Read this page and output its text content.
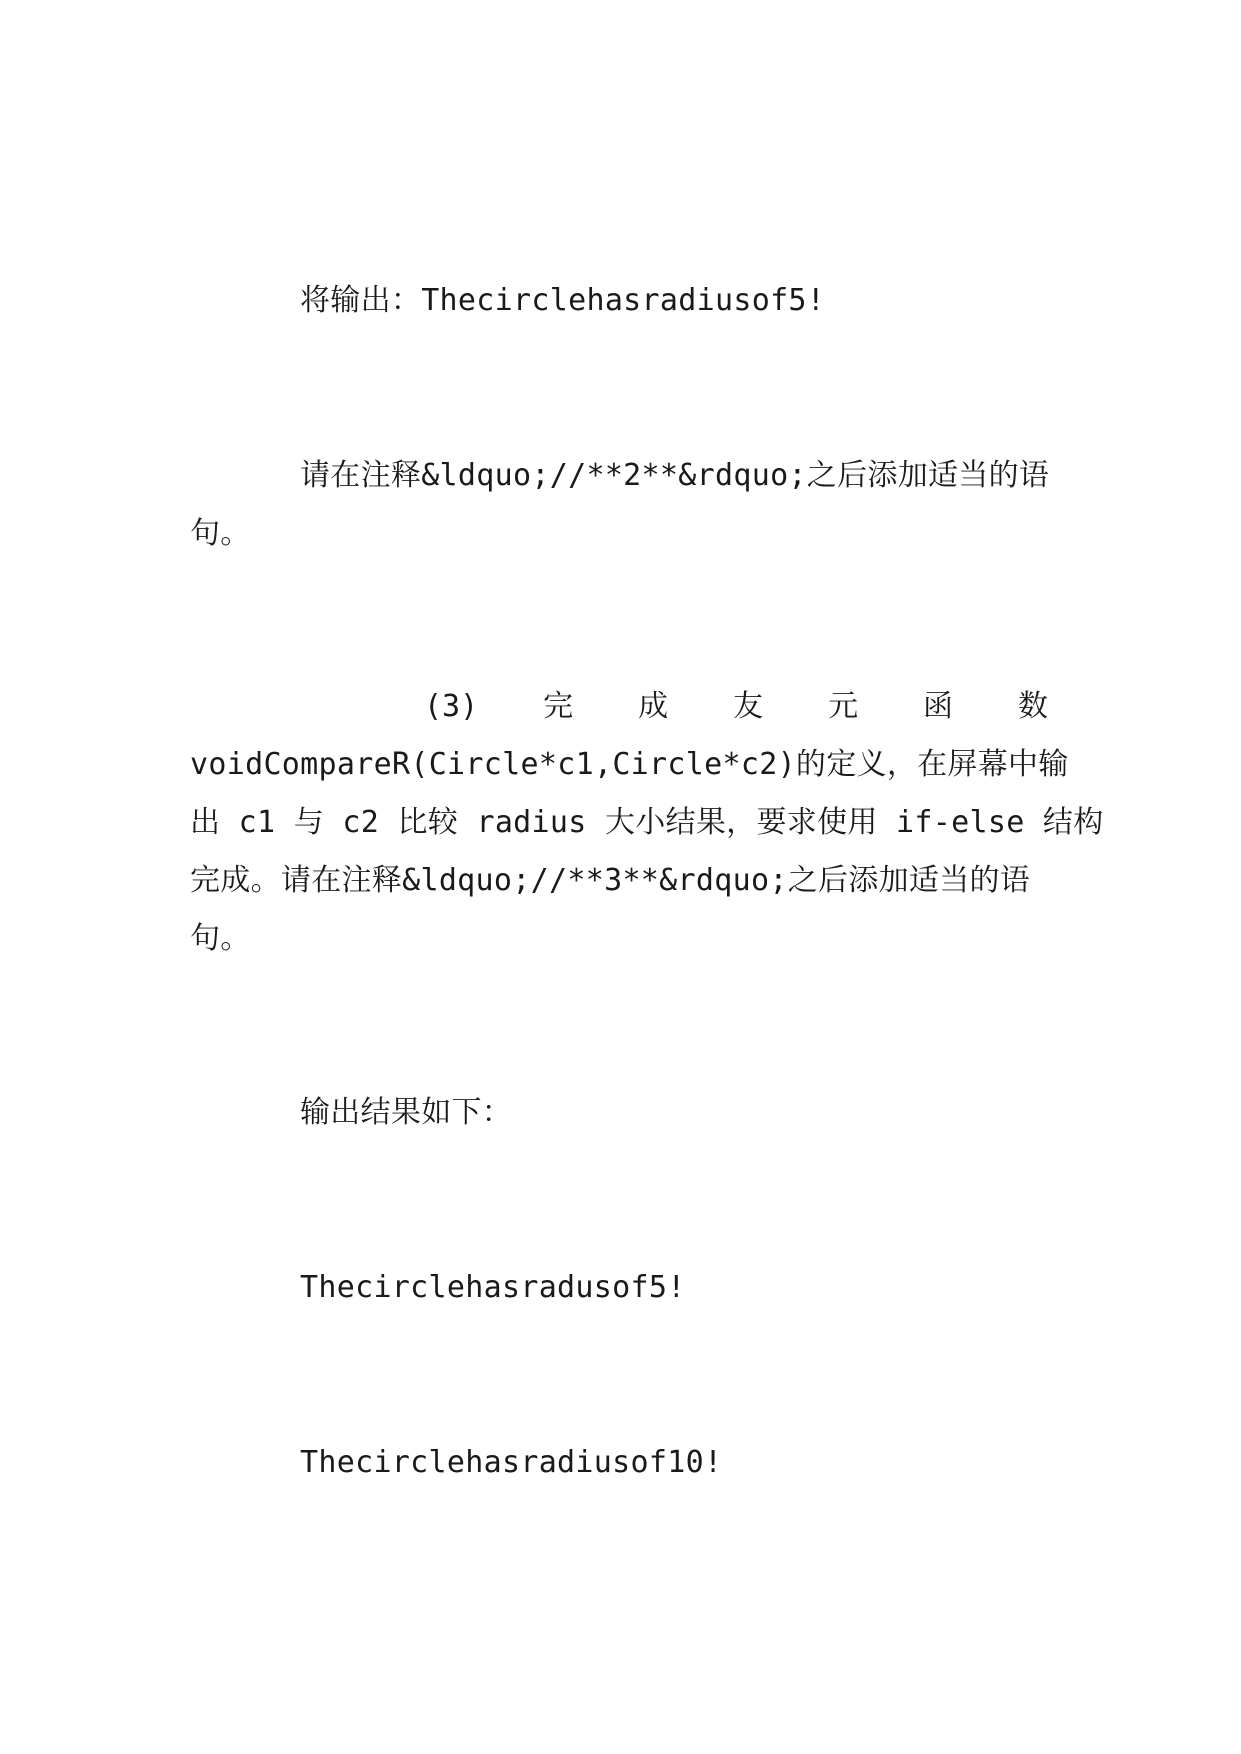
将输出：Thecirclehasradiusof5!
请在注释&ldquo;//**2**&rdquo;之后添加适当的语
句。
(3) 完 成 友 元 函 数
voidCompareR(Circle*c1,Circle*c2)的定义，在屏幕中输
出 c1 与 c2 比较 radius 大小结果，要求使用 if-else 结构
完成。请在注释&ldquo;//**3**&rdquo;之后添加适当的语
句。
输出结果如下：
Thecirclehasradusof5!
Thecirclehasradiusof10!
